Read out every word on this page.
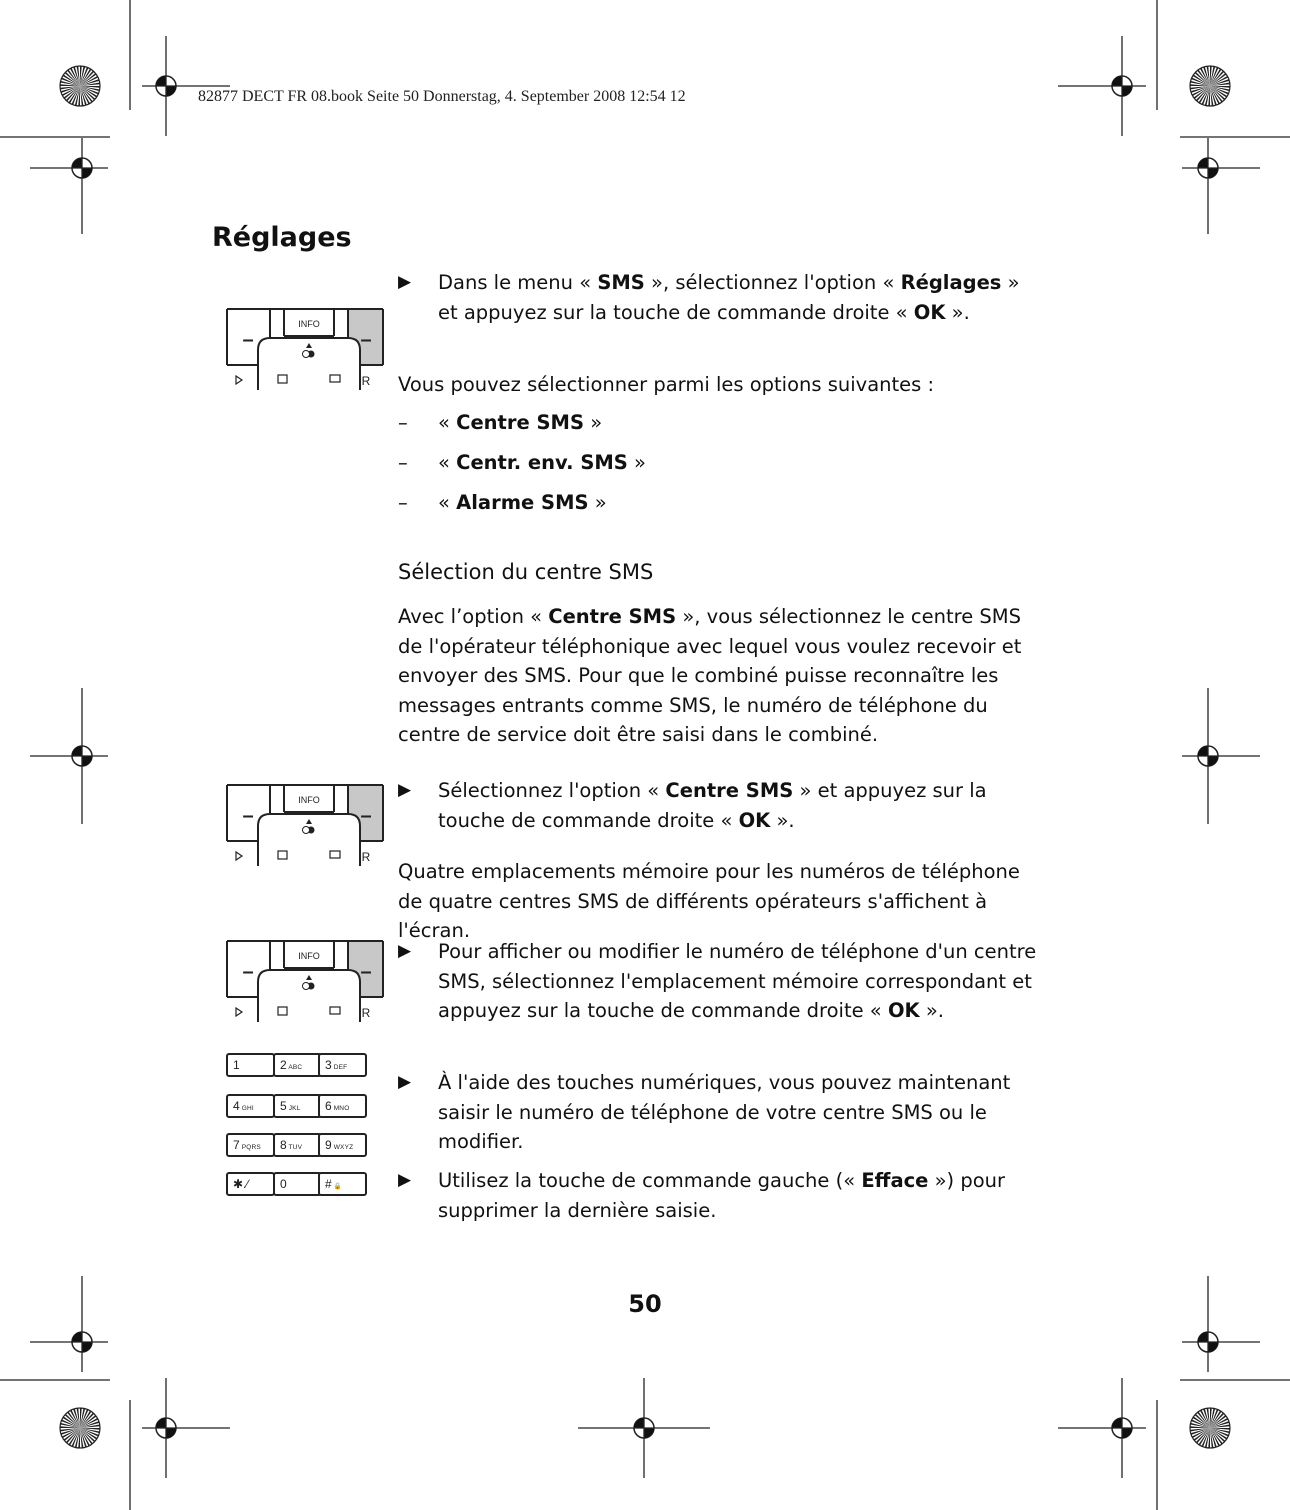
82877 DECT FR 08.book Seite 50 Donnerstag, 4. September 2008 12:54 12
Réglages
INFO
–	–
R
▶	Dans le menu « SMS », sélectionnez l'option « Réglages » et appuyez sur la touche de commande droite « OK ».
Vous pouvez sélectionner parmi les options suivantes :
– « Centre SMS »
– « Centr. env. SMS »
– « Alarme SMS »
Sélection du centre SMS
Avec l’option « Centre SMS », vous sélectionnez le centre SMS de l'opérateur téléphonique avec lequel vous voulez recevoir et envoyer des SMS. Pour que le combiné puisse reconnaître les messages entrants comme SMS, le numéro de téléphone du centre de service doit être saisi dans le combiné.
INFO
–	–
R
▶	Sélectionnez l'option « Centre SMS » et appuyez sur la touche de commande droite « OK ».
Quatre emplacements mémoire pour les numéros de téléphone de quatre centres SMS de différents opérateurs s'affichent à l'écran.
INFO
–	–
R
▶	Pour afficher ou modifier le numéro de téléphone d'un centre SMS, sélectionnez l'emplacement mémoire correspondant et appuyez sur la touche de commande droite « OK ».
1	2 ABC	3 DEF
4 GHI	5 JKL	6 MNO
7 PQRS	8 TUV	9 WXYZ
✱.⁄	0	# 🔒
▶	À l'aide des touches numériques, vous pouvez maintenant saisir le numéro de téléphone de votre centre SMS ou le modifier.
▶	Utilisez la touche de commande gauche (« Efface ») pour supprimer la dernière saisie.
50
